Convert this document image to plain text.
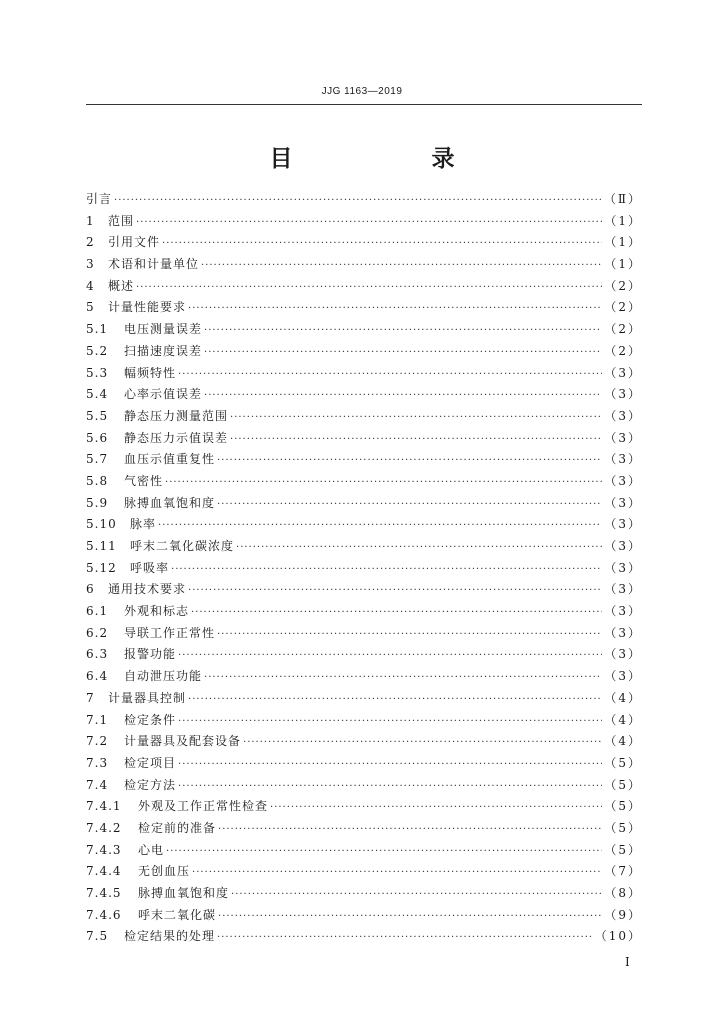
JJG 1163—2019
目　录
引言 ·····	（Ⅱ）
1	范围 ·····	（1）
2	引用文件 ·····	（1）
3	术语和计量单位 ·····	（1）
4	概述 ·····	（2）
5	计量性能要求 ·····	（2）
5.1	电压测量误差 ·····	（2）
5.2	扫描速度误差 ·····	（2）
5.3	幅频特性 ·····	（3）
5.4	心率示值误差 ·····	（3）
5.5	静态压力测量范围 ·····	（3）
5.6	静态压力示值误差 ·····	（3）
5.7	血压示值重复性 ·····	（3）
5.8	气密性 ·····	（3）
5.9	脉搏血氧饱和度 ·····	（3）
5.10	脉率 ·····	（3）
5.11	呼末二氧化碳浓度 ·····	（3）
5.12	呼吸率 ·····	（3）
6	通用技术要求 ·····	（3）
6.1	外观和标志 ·····	（3）
6.2	导联工作正常性 ·····	（3）
6.3	报警功能 ·····	（3）
6.4	自动泄压功能 ·····	（3）
7	计量器具控制 ·····	（4）
7.1	检定条件 ·····	（4）
7.2	计量器具及配套设备 ·····	（4）
7.3	检定项目 ·····	（5）
7.4	检定方法 ·····	（5）
7.4.1	外观及工作正常性检查 ·····	（5）
7.4.2	检定前的准备 ·····	（5）
7.4.3	心电 ·····	（5）
7.4.4	无创血压 ·····	（7）
7.4.5	脉搏血氧饱和度 ·····	（8）
7.4.6	呼末二氧化碳 ·····	（9）
7.5	检定结果的处理 ·····	（10）
Ⅰ
